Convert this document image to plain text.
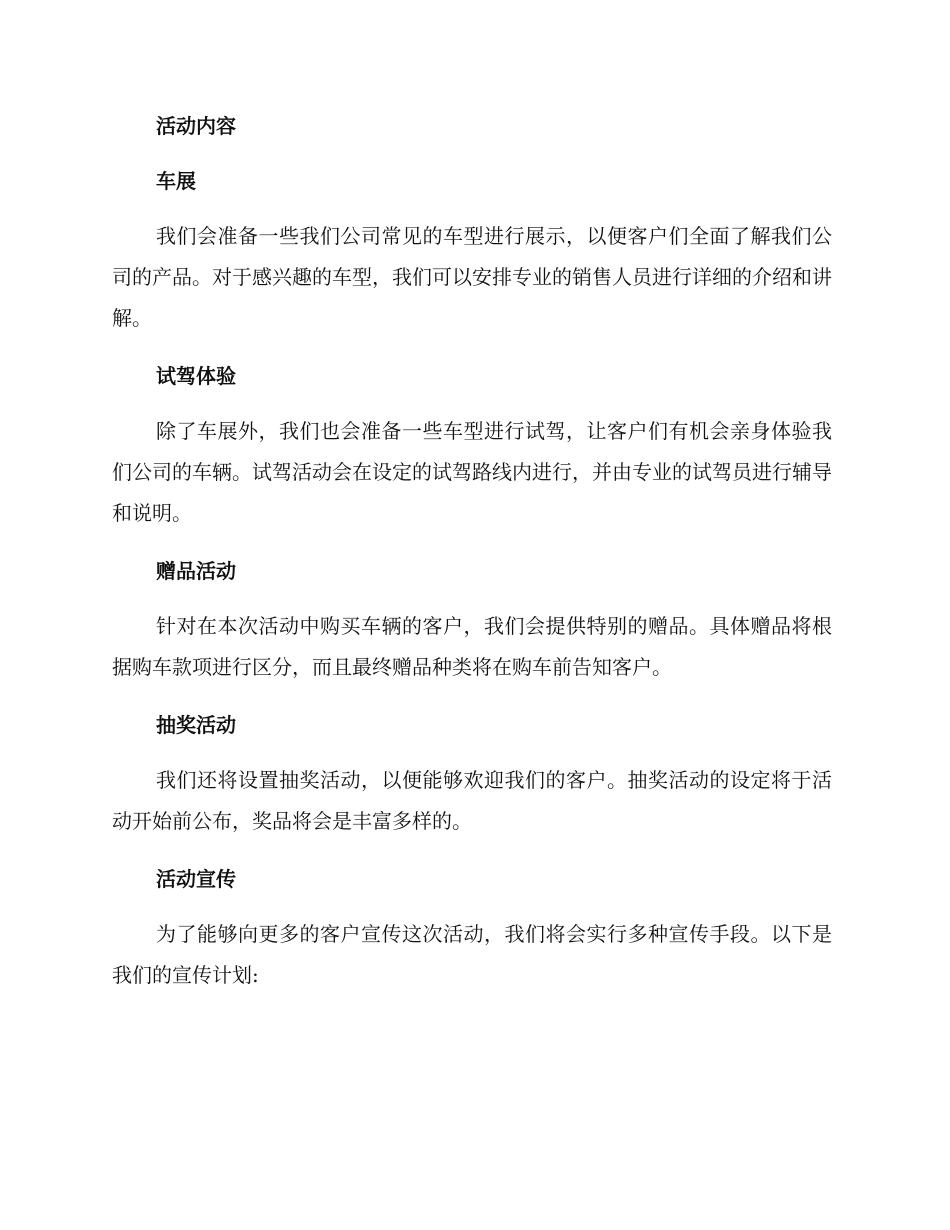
活动内容
车展

我们会准备一些我们公司常见的车型进行展示，以便客户们全面了解我们公司的产品。对于感兴趣的车型，我们可以安排专业的销售人员进行详细的介绍和讲解。

试驾体验

除了车展外，我们也会准备一些车型进行试驾，让客户们有机会亲身体验我们公司的车辆。试驾活动会在设定的试驾路线内进行，并由专业的试驾员进行辅导和说明。

赠品活动

针对在本次活动中购买车辆的客户，我们会提供特别的赠品。具体赠品将根据购车款项进行区分，而且最终赠品种类将在购车前告知客户。

抽奖活动

我们还将设置抽奖活动，以便能够欢迎我们的客户。抽奖活动的设定将于活动开始前公布，奖品将会是丰富多样的。

活动宣传

为了能够向更多的客户宣传这次活动，我们将会实行多种宣传手段。以下是我们的宣传计划:
